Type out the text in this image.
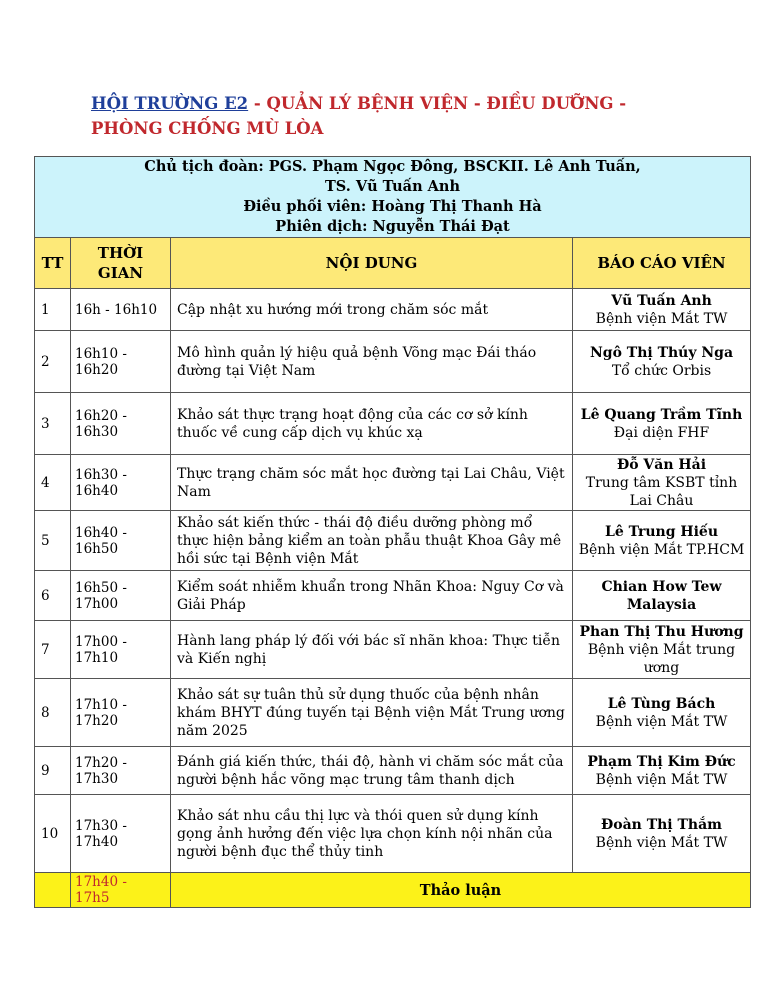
HỘI TRƯỜNG E2 - QUẢN LÝ BỆNH VIỆN - ĐIỀU DƯỠNG - PHÒNG CHỐNG MÙ LÒA
Chủ tịch đoàn: PGS. Phạm Ngọc Đông, BSCKII. Lê Anh Tuấn,
TS. Vũ Tuấn Anh
Điều phối viên: Hoàng Thị Thanh Hà
Phiên dịch: Nguyễn Thái Đạt			

TT	THỜI GIAN	NỘI DUNG	BÁO CÁO VIÊN
1	16h - 16h10	Cập nhật xu hướng mới trong chăm sóc mắt	Vũ Tuấn Anh
Bệnh viện Mắt TW

2	16h10 - 16h20	Mô hình quản lý hiệu quả bệnh Võng mạc Đái tháo đường tại Việt Nam	Ngô Thị Thúy Nga
Tổ chức Orbis

3	16h20 - 16h30	Khảo sát thực trạng hoạt động của các cơ sở kính thuốc về cung cấp dịch vụ khúc xạ	Lê Quang Trầm Tĩnh
Đại diện FHF

4	16h30 - 16h40	Thực trạng chăm sóc mắt học đường tại Lai Châu, Việt Nam	Đỗ Văn Hải
Trung tâm KSBT tỉnh Lai Châu

5	16h40 - 16h50	Khảo sát kiến thức - thái độ điều dưỡng phòng mổ thực hiện bảng kiểm an toàn phẫu thuật Khoa Gây mê hồi sức tại Bệnh viện Mắt	Lê Trung Hiếu
Bệnh viện Mắt TP.HCM

6	16h50 - 17h00	Kiểm soát nhiễm khuẩn trong Nhãn Khoa: Nguy Cơ và Giải Pháp	Chian How Tew
Malaysia

7	17h00 - 17h10	Hành lang pháp lý đối với bác sĩ nhãn khoa: Thực tiễn và Kiến nghị	Phan Thị Thu Hương
Bệnh viện Mắt trung ương

8	17h10 - 17h20	Khảo sát sự tuân thủ sử dụng thuốc của bệnh nhân khám BHYT đúng tuyến tại Bệnh viện Mắt Trung ương năm 2025	Lê Tùng Bách
Bệnh viện Mắt TW

9	17h20 - 17h30	Đánh giá kiến thức, thái độ, hành vi chăm sóc mắt của người bệnh hắc võng mạc trung tâm thanh dịch	Phạm Thị Kim Đức
Bệnh viện Mắt TW

10	17h30 - 17h40	Khảo sát nhu cầu thị lực và thói quen sử dụng kính gọng ảnh hưởng đến việc lựa chọn kính nội nhãn của người bệnh đục thể thủy tinh	Đoàn Thị Thắm
Bệnh viện Mắt TW

	17h40 - 17h5	Thảo luận	
